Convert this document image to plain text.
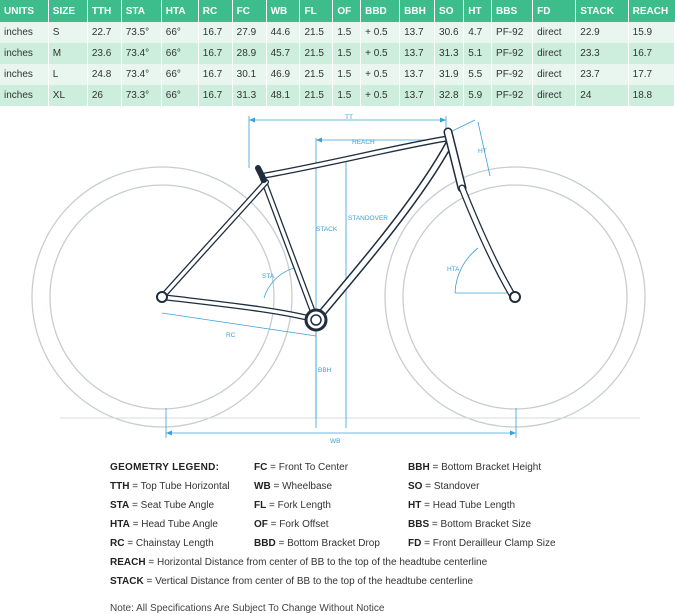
UNITS	SIZE	TTH	STA	HTA	RC	FC	WB	FL	OF	BBD	BBH	SO	HT	BBS	FD	STACK	REACH
inches	S	22.7	73.5°	66°	16.7	27.9	44.6	21.5	1.5	+ 0.5	13.7	30.6	4.7	PF-92	direct	22.9	15.9
inches	M	23.6	73.4°	66°	16.7	28.9	45.7	21.5	1.5	+ 0.5	13.7	31.3	5.1	PF-92	direct	23.3	16.7
inches	L	24.8	73.4°	66°	16.7	30.1	46.9	21.5	1.5	+ 0.5	13.7	31.9	5.5	PF-92	direct	23.7	17.7
inches	XL	26	73.3°	66°	16.7	31.3	48.1	21.5	1.5	+ 0.5	13.7	32.8	5.9	PF-92	direct	24	18.8
TT
REACH
HT
STACK
STANDOVER
STA
HTA
RC
BBH
WB
GEOMETRY LEGEND:
TTH = Top Tube Horizontal
STA = Seat Tube Angle
HTA = Head Tube Angle
RC = Chainstay Length
FC = Front To Center
WB = Wheelbase
FL = Fork Length
OF = Fork Offset
BBD = Bottom Bracket Drop
BBH = Bottom Bracket Height
SO = Standover
HT = Head Tube Length
BBS = Bottom Bracket Size
FD = Front Derailleur Clamp Size
REACH = Horizontal Distance from center of BB to the top of the headtube centerline
STACK = Vertical Distance from center of BB to the top of the headtube centerline
Note: All Specifications Are Subject To Change Without Notice
